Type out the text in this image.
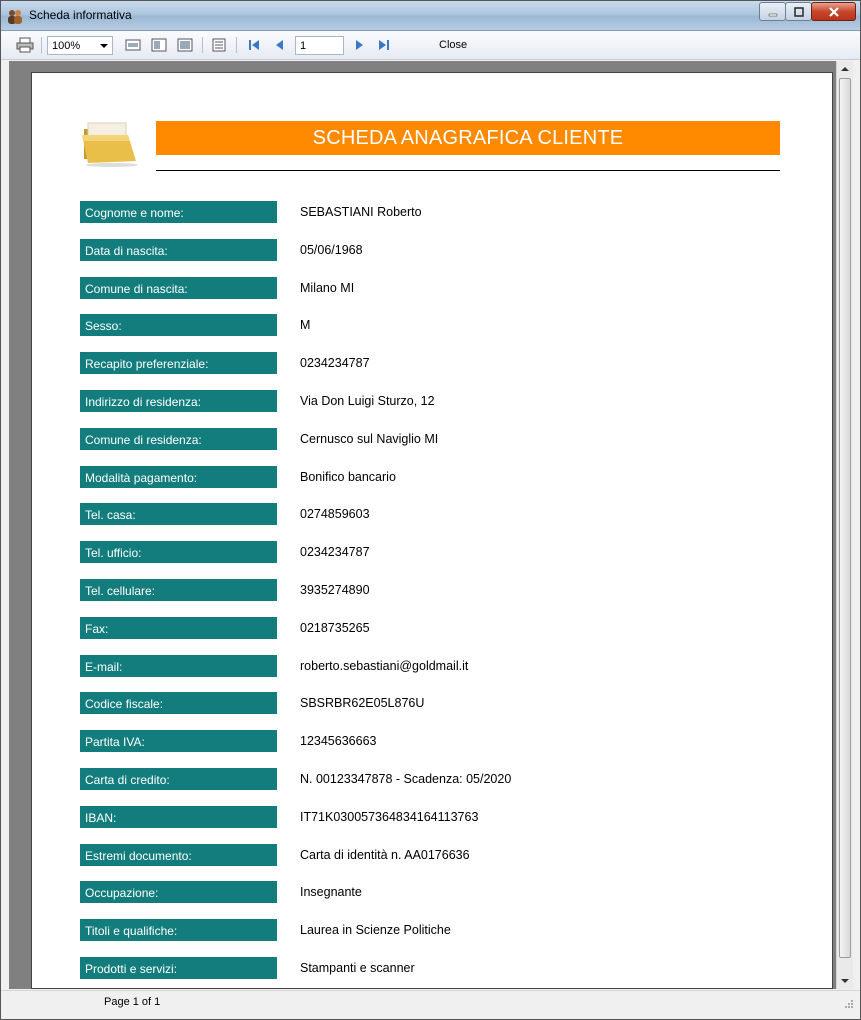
Scheda informativa
100%	1	Close
SCHEDA ANAGRAFICA CLIENTE
Cognome e nome:	SEBASTIANI Roberto
Data di nascita:	05/06/1968
Comune di nascita:	Milano MI
Sesso:	M
Recapito preferenziale:	0234234787
Indirizzo di residenza:	Via Don Luigi Sturzo, 12
Comune di residenza:	Cernusco sul Naviglio MI
Modalità pagamento:	Bonifico bancario
Tel. casa:	0274859603
Tel. ufficio:	0234234787
Tel. cellulare:	3935274890
Fax:	0218735265
E-mail:	roberto.sebastiani@goldmail.it
Codice fiscale:	SBSRBR62E05L876U
Partita IVA:	12345636663
Carta di credito:	N. 00123347878 - Scadenza: 05/2020
IBAN:	IT71K030057364834164113763
Estremi documento:	Carta di identità n. AA0176636
Occupazione:	Insegnante
Titoli e qualifiche:	Laurea in Scienze Politiche
Prodotti e servizi:	Stampanti e scanner
Page 1 of 1
